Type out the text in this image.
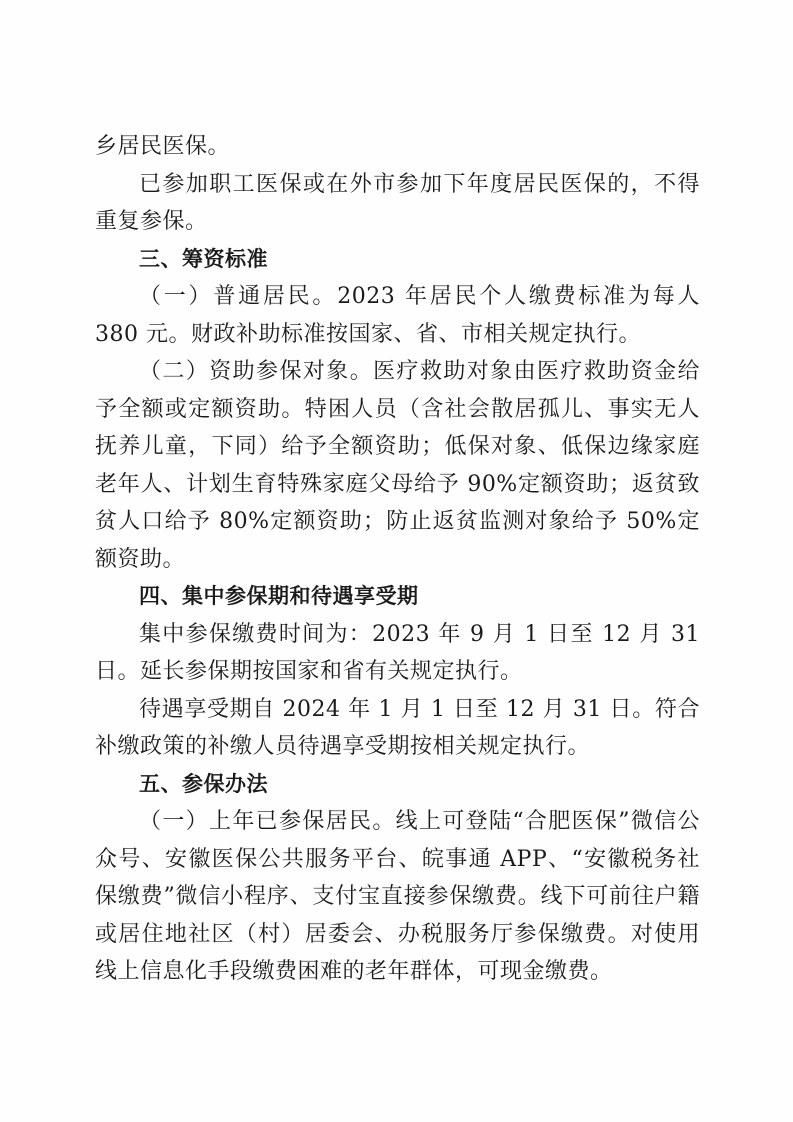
乡居民医保。

已参加职工医保或在外市参加下年度居民医保的，不得重复参保。

三、筹资标准

（一）普通居民。2023 年居民个人缴费标准为每人 380 元。财政补助标准按国家、省、市相关规定执行。

（二）资助参保对象。医疗救助对象由医疗救助资金给予全额或定额资助。特困人员（含社会散居孤儿、事实无人抚养儿童，下同）给予全额资助；低保对象、低保边缘家庭老年人、计划生育特殊家庭父母给予 90%定额资助；返贫致贫人口给予 80%定额资助；防止返贫监测对象给予 50%定额资助。

四、集中参保期和待遇享受期

集中参保缴费时间为：2023 年 9 月 1 日至 12 月 31 日。延长参保期按国家和省有关规定执行。

待遇享受期自 2024 年 1 月 1 日至 12 月 31 日。符合补缴政策的补缴人员待遇享受期按相关规定执行。

五、参保办法

（一）上年已参保居民。线上可登陆“合肥医保”微信公众号、安徽医保公共服务平台、皖事通 APP、“安徽税务社保缴费”微信小程序、支付宝直接参保缴费。线下可前往户籍或居住地社区（村）居委会、办税服务厅参保缴费。对使用线上信息化手段缴费困难的老年群体，可现金缴费。
